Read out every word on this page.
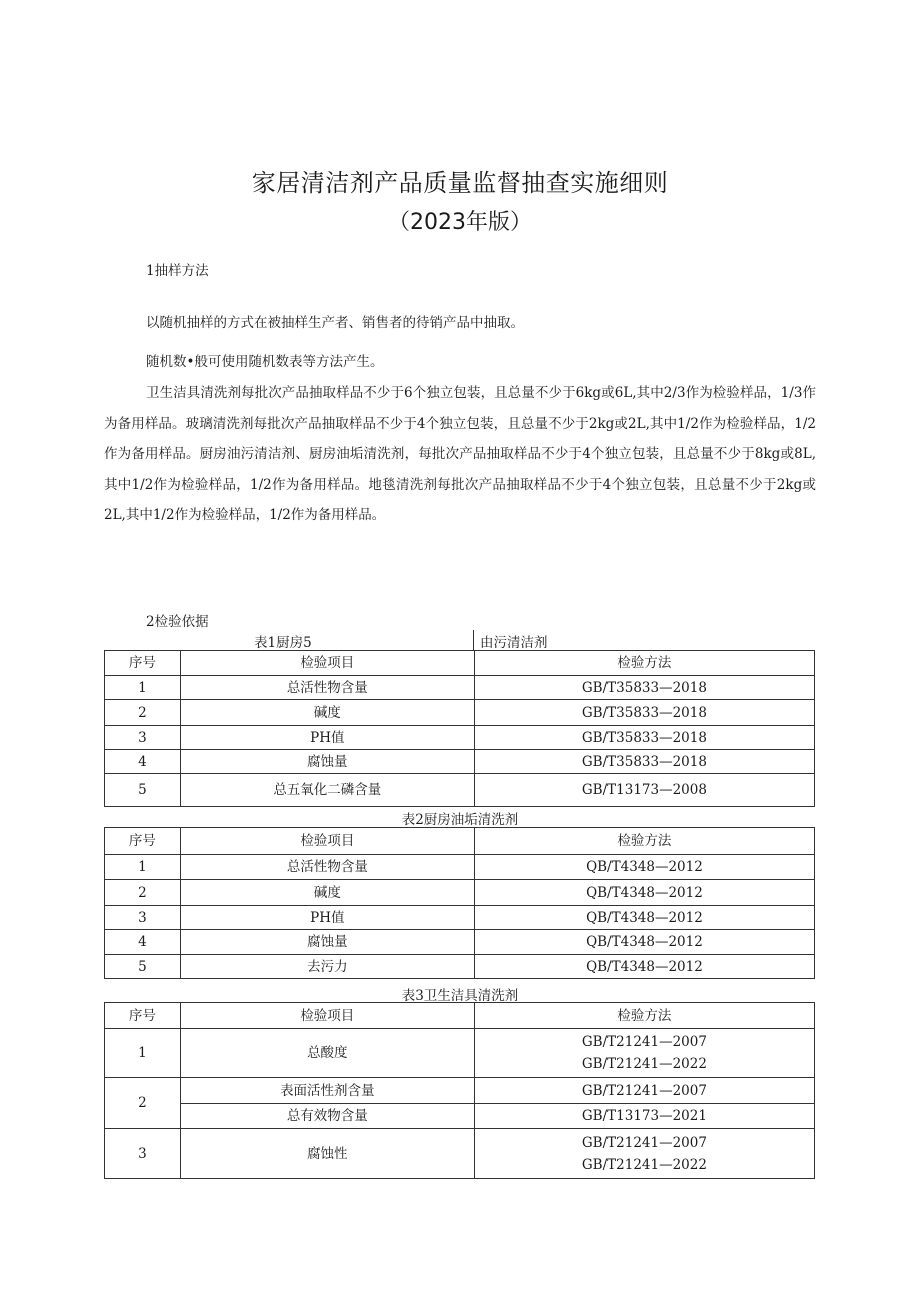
家居清洁剂产品质量监督抽查实施细则
（2023年版）
1抽样方法
以随机抽样的方式在被抽样生产者、销售者的待销产品中抽取。
随机数•般可使用随机数表等方法产生。
卫生洁具清洗剂每批次产品抽取样品不少于6个独立包装，且总量不少于6kg或6L,其中2/3作为检验样品，1/3作为备用样品。玻璃清洗剂每批次产品抽取样品不少于4个独立包装，且总量不少于2kg或2L,其中1/2作为检验样品，1/2作为备用样品。厨房油污清洁剂、厨房油垢清洗剂，每批次产品抽取样品不少于4个独立包装，且总量不少于8kg或8L,其中1/2作为检验样品，1/2作为备用样品。地毯清洗剂每批次产品抽取样品不少于4个独立包装，且总量不少于2kg或2L,其中1/2作为检验样品，1/2作为备用样品。
2检验依据
表1厨房5	由污清洁剂
序号	检验项目	检验方法
1	总活性物含量	GB/T35833—2018
2	碱度	GB/T35833—2018
3	PH值	GB/T35833—2018
4	腐蚀量	GB/T35833—2018
5	总五氧化二磷含量	GB/T13173—2008
表2厨房油垢清洗剂
序号	检验项目	检验方法
1	总活性物含量	QB/T4348—2012
2	碱度	QB/T4348—2012
3	PH值	QB/T4348—2012
4	腐蚀量	QB/T4348—2012
5	去污力	QB/T4348—2012
表3卫生洁具清洗剂
序号	检验项目	检验方法
1	总酸度	GB/T21241—2007
GB/T21241—2022

2	表面活性剂含量	GB/T21241—2007
	总有效物含量	GB/T13173—2021
3	腐蚀性	GB/T21241—2007
GB/T21241—2022
